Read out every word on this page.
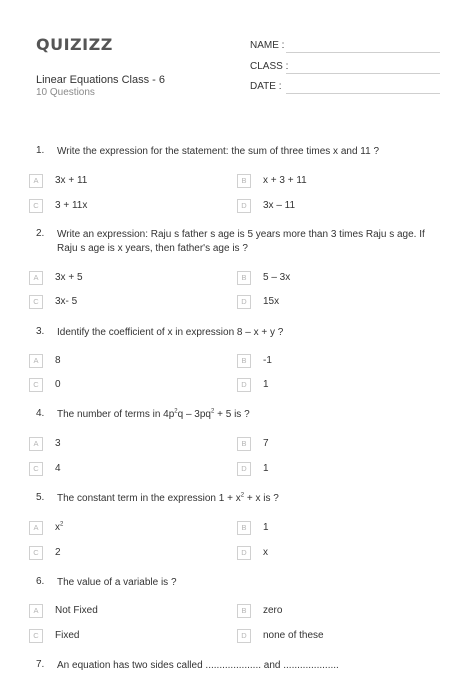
QUIZIZZ
Linear Equations Class - 6
10 Questions
NAME :
CLASS :
DATE :
1. Write the expression for the statement: the sum of three times x and 11 ?
A	3x + 11	B	x + 3 + 11
C	3 + 11x	D	3x – 11
2. Write an expression: Raju s father s age is 5 years more than 3 times Raju s age. If Raju s age is x years, then father's age is ?
A	3x + 5	B	5 – 3x
C	3x- 5	D	15x
3. Identify the coefficient of x in expression 8 – x + y ?
A	8	B	-1
C	0	D	1
4. The number of terms in $4p^2q - 3pq^2 + 5$ is ?
A	3	B	7
C	4	D	1
5. The constant term in the expression $1 + x^2 + x$ is ?
A	$x^2$	B	1
C	2	D	x
6. The value of a variable is ?
A	Not Fixed	B	zero
C	Fixed	D	none of these
7. An equation has two sides called .................... and ....................
